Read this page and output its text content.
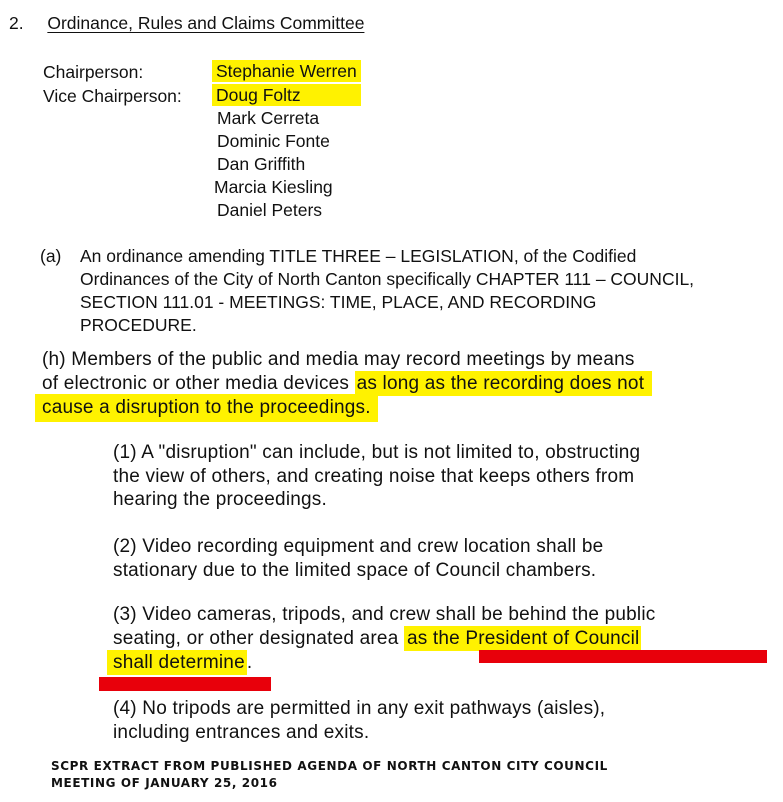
2. Ordinance, Rules and Claims Committee
Chairperson:	Stephanie Werren
Vice Chairperson: Doug Foltz
Mark Cerreta
Dominic Fonte
Dan Griffith
Marcia Kiesling
Daniel Peters
(a) An ordinance amending TITLE THREE – LEGISLATION, of the Codified
Ordinances of the City of North Canton specifically CHAPTER 111 – COUNCIL,
SECTION 111.01 - MEETINGS: TIME, PLACE, AND RECORDING
PROCEDURE.
(h) Members of the public and media may record meetings by means
of electronic or other media devices as long as the recording does not
cause a disruption to the proceedings.
(1) A "disruption" can include, but is not limited to, obstructing
the view of others, and creating noise that keeps others from
hearing the proceedings.
(2) Video recording equipment and crew location shall be
stationary due to the limited space of Council chambers.
(3) Video cameras, tripods, and crew shall be behind the public
seating, or other designated area as the President of Council
shall determine .
(4) No tripods are permitted in any exit pathways (aisles),
including entrances and exits.
SCPR EXTRACT FROM PUBLISHED AGENDA OF NORTH CANTON CITY COUNCIL
MEETING OF JANUARY 25, 2016
